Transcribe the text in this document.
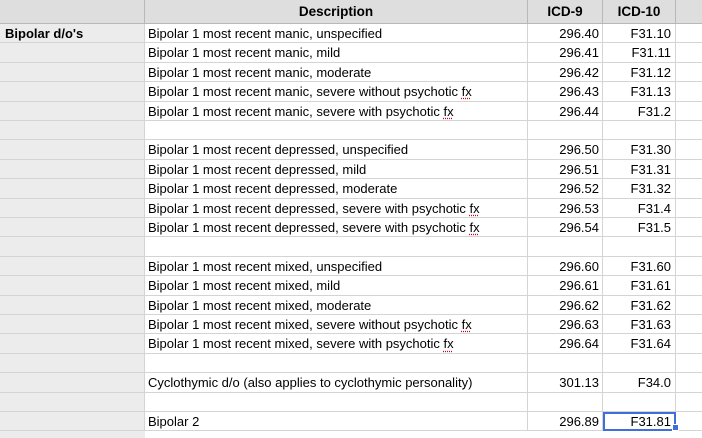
Description	ICD-9	ICD-10
Bipolar d/o's	Bipolar 1 most recent manic, unspecified	296.40	F31.10
Bipolar 1 most recent manic, mild	296.41	F31.11
Bipolar 1 most recent manic, moderate	296.42	F31.12
Bipolar 1 most recent manic, severe without psychotic fx	296.43	F31.13
Bipolar 1 most recent manic, severe with psychotic fx	296.44	F31.2
Bipolar 1 most recent depressed, unspecified	296.50	F31.30
Bipolar 1 most recent depressed, mild	296.51	F31.31
Bipolar 1 most recent depressed, moderate	296.52	F31.32
Bipolar 1 most recent depressed, severe with psychotic fx	296.53	F31.4
Bipolar 1 most recent depressed, severe with psychotic fx	296.54	F31.5
Bipolar 1 most recent mixed, unspecified	296.60	F31.60
Bipolar 1 most recent mixed, mild	296.61	F31.61
Bipolar 1 most recent mixed, moderate	296.62	F31.62
Bipolar 1 most recent mixed, severe without psychotic fx	296.63	F31.63
Bipolar 1 most recent mixed, severe with psychotic fx	296.64	F31.64
Cyclothymic d/o (also applies to cyclothymic personality)	301.13	F34.0
Bipolar 2	296.89	F31.81
